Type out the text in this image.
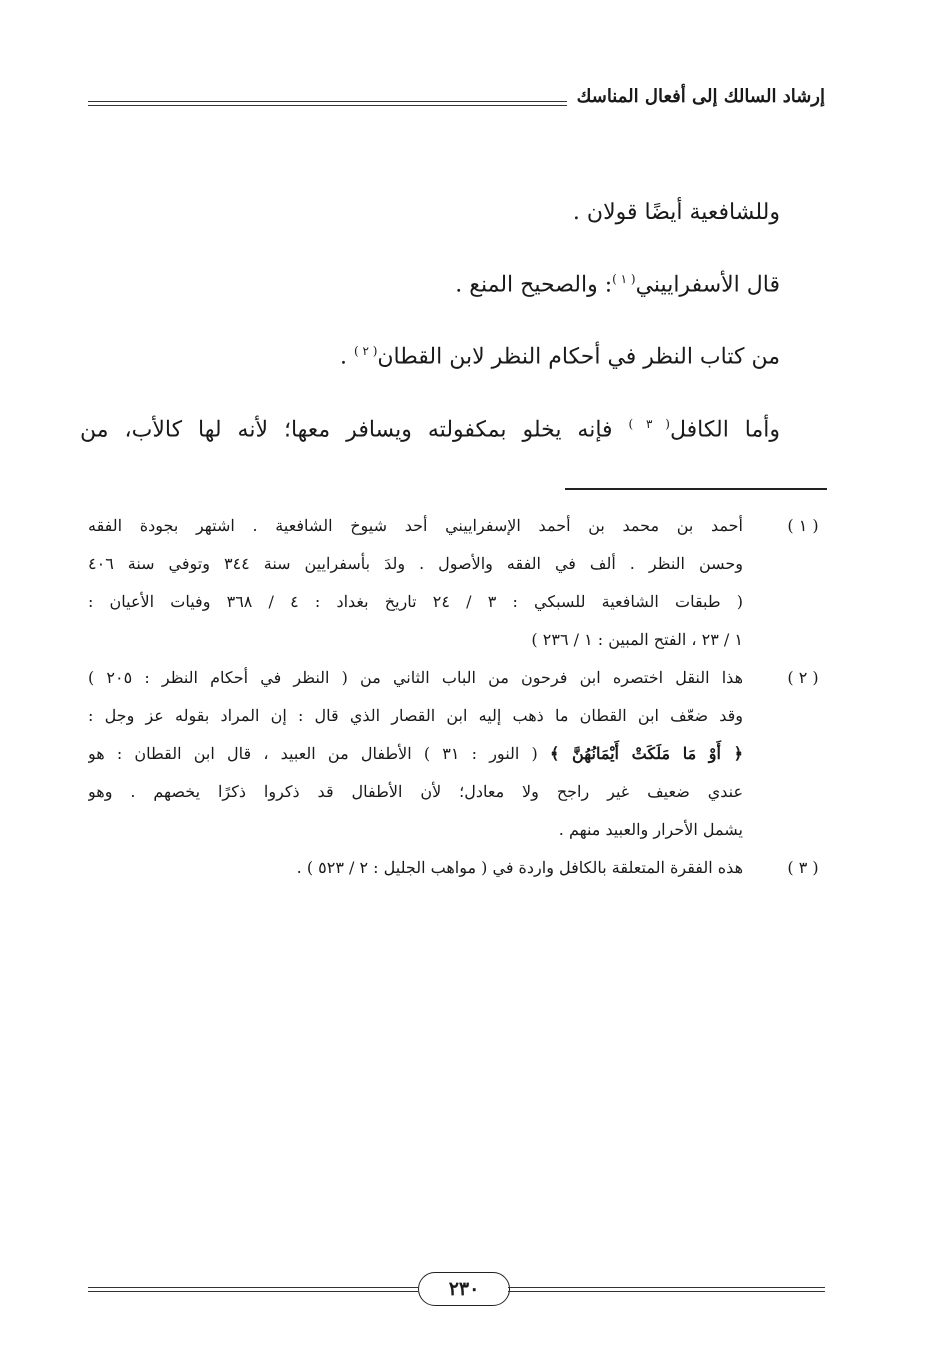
إرشاد السالك إلى أفعال المناسك

وللشافعية أيضًا قولان .

قال الأسفراييني$^{( ١ )}$: والصحيح المنع .

من كتاب النظر في أحكام النظر لابن القطان$^{( ٢ )}$ .

وأما الكافل$^{( ٣ )}$ فإنه يخلو بمكفولته ويسافر معها؛ لأنه لها كالأب، من

( ١ )
أحمد بن محمد بن أحمد الإسفراييني أحد شيوخ الشافعية . اشتهر بجودة الفقه
وحسن النظر . ألف في الفقه والأصول . ولدَ بأسفرايين سنة ٣٤٤ وتوفي سنة ٤٠٦
( طبقات الشافعية للسبكي : ٣ / ٢٤ تاريخ بغداد : ٤ / ٣٦٨ وفيات الأعيان :
١ / ٢٣ ، الفتح المبين : ١ / ٢٣٦ )
( ٢ )
هذا النقل اختصره ابن فرحون من الباب الثاني من ( النظر في أحكام النظر : ٢٠٥ )
وقد ضعّف ابن القطان ما ذهب إليه ابن القصار الذي قال : إن المراد بقوله عز وجل :
﴿ أَوْ مَا مَلَكَتْ أَيْمَانُهُنَّ ﴾ ( النور : ٣١ ) الأطفال من العبيد ، قال ابن القطان : هو
عندي ضعيف غير راجح ولا معادل؛ لأن الأطفال قد ذكروا ذكرًا يخصهم . وهو
يشمل الأحرار والعبيد منهم .
( ٣ )
هذه الفقرة المتعلقة بالكافل واردة في ( مواهب الجليل : ٢ / ٥٢٣ ) .
٢٣٠
